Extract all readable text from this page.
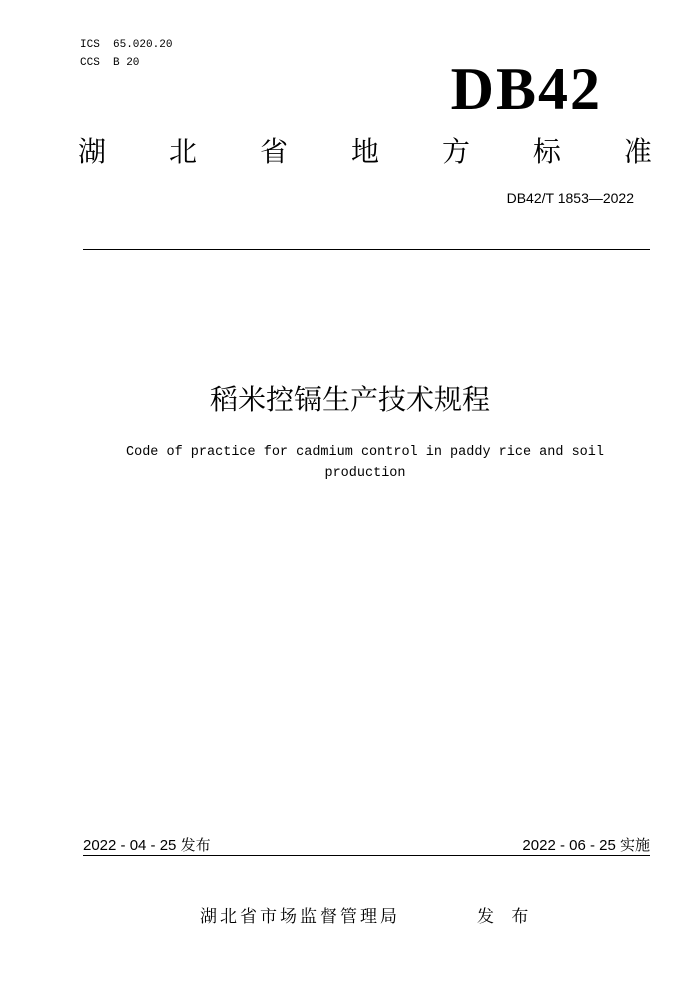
ICS  65.020.20
CCS  B 20	DB42
湖 北 省 地 方 标 准
DB42/T 1853—2022
稻米控镉生产技术规程
Code of practice for cadmium control in paddy rice and soil
production
2022 - 04 - 25 发布	2022 - 06 - 25 实施
湖北省市场监督管理局	发 布
